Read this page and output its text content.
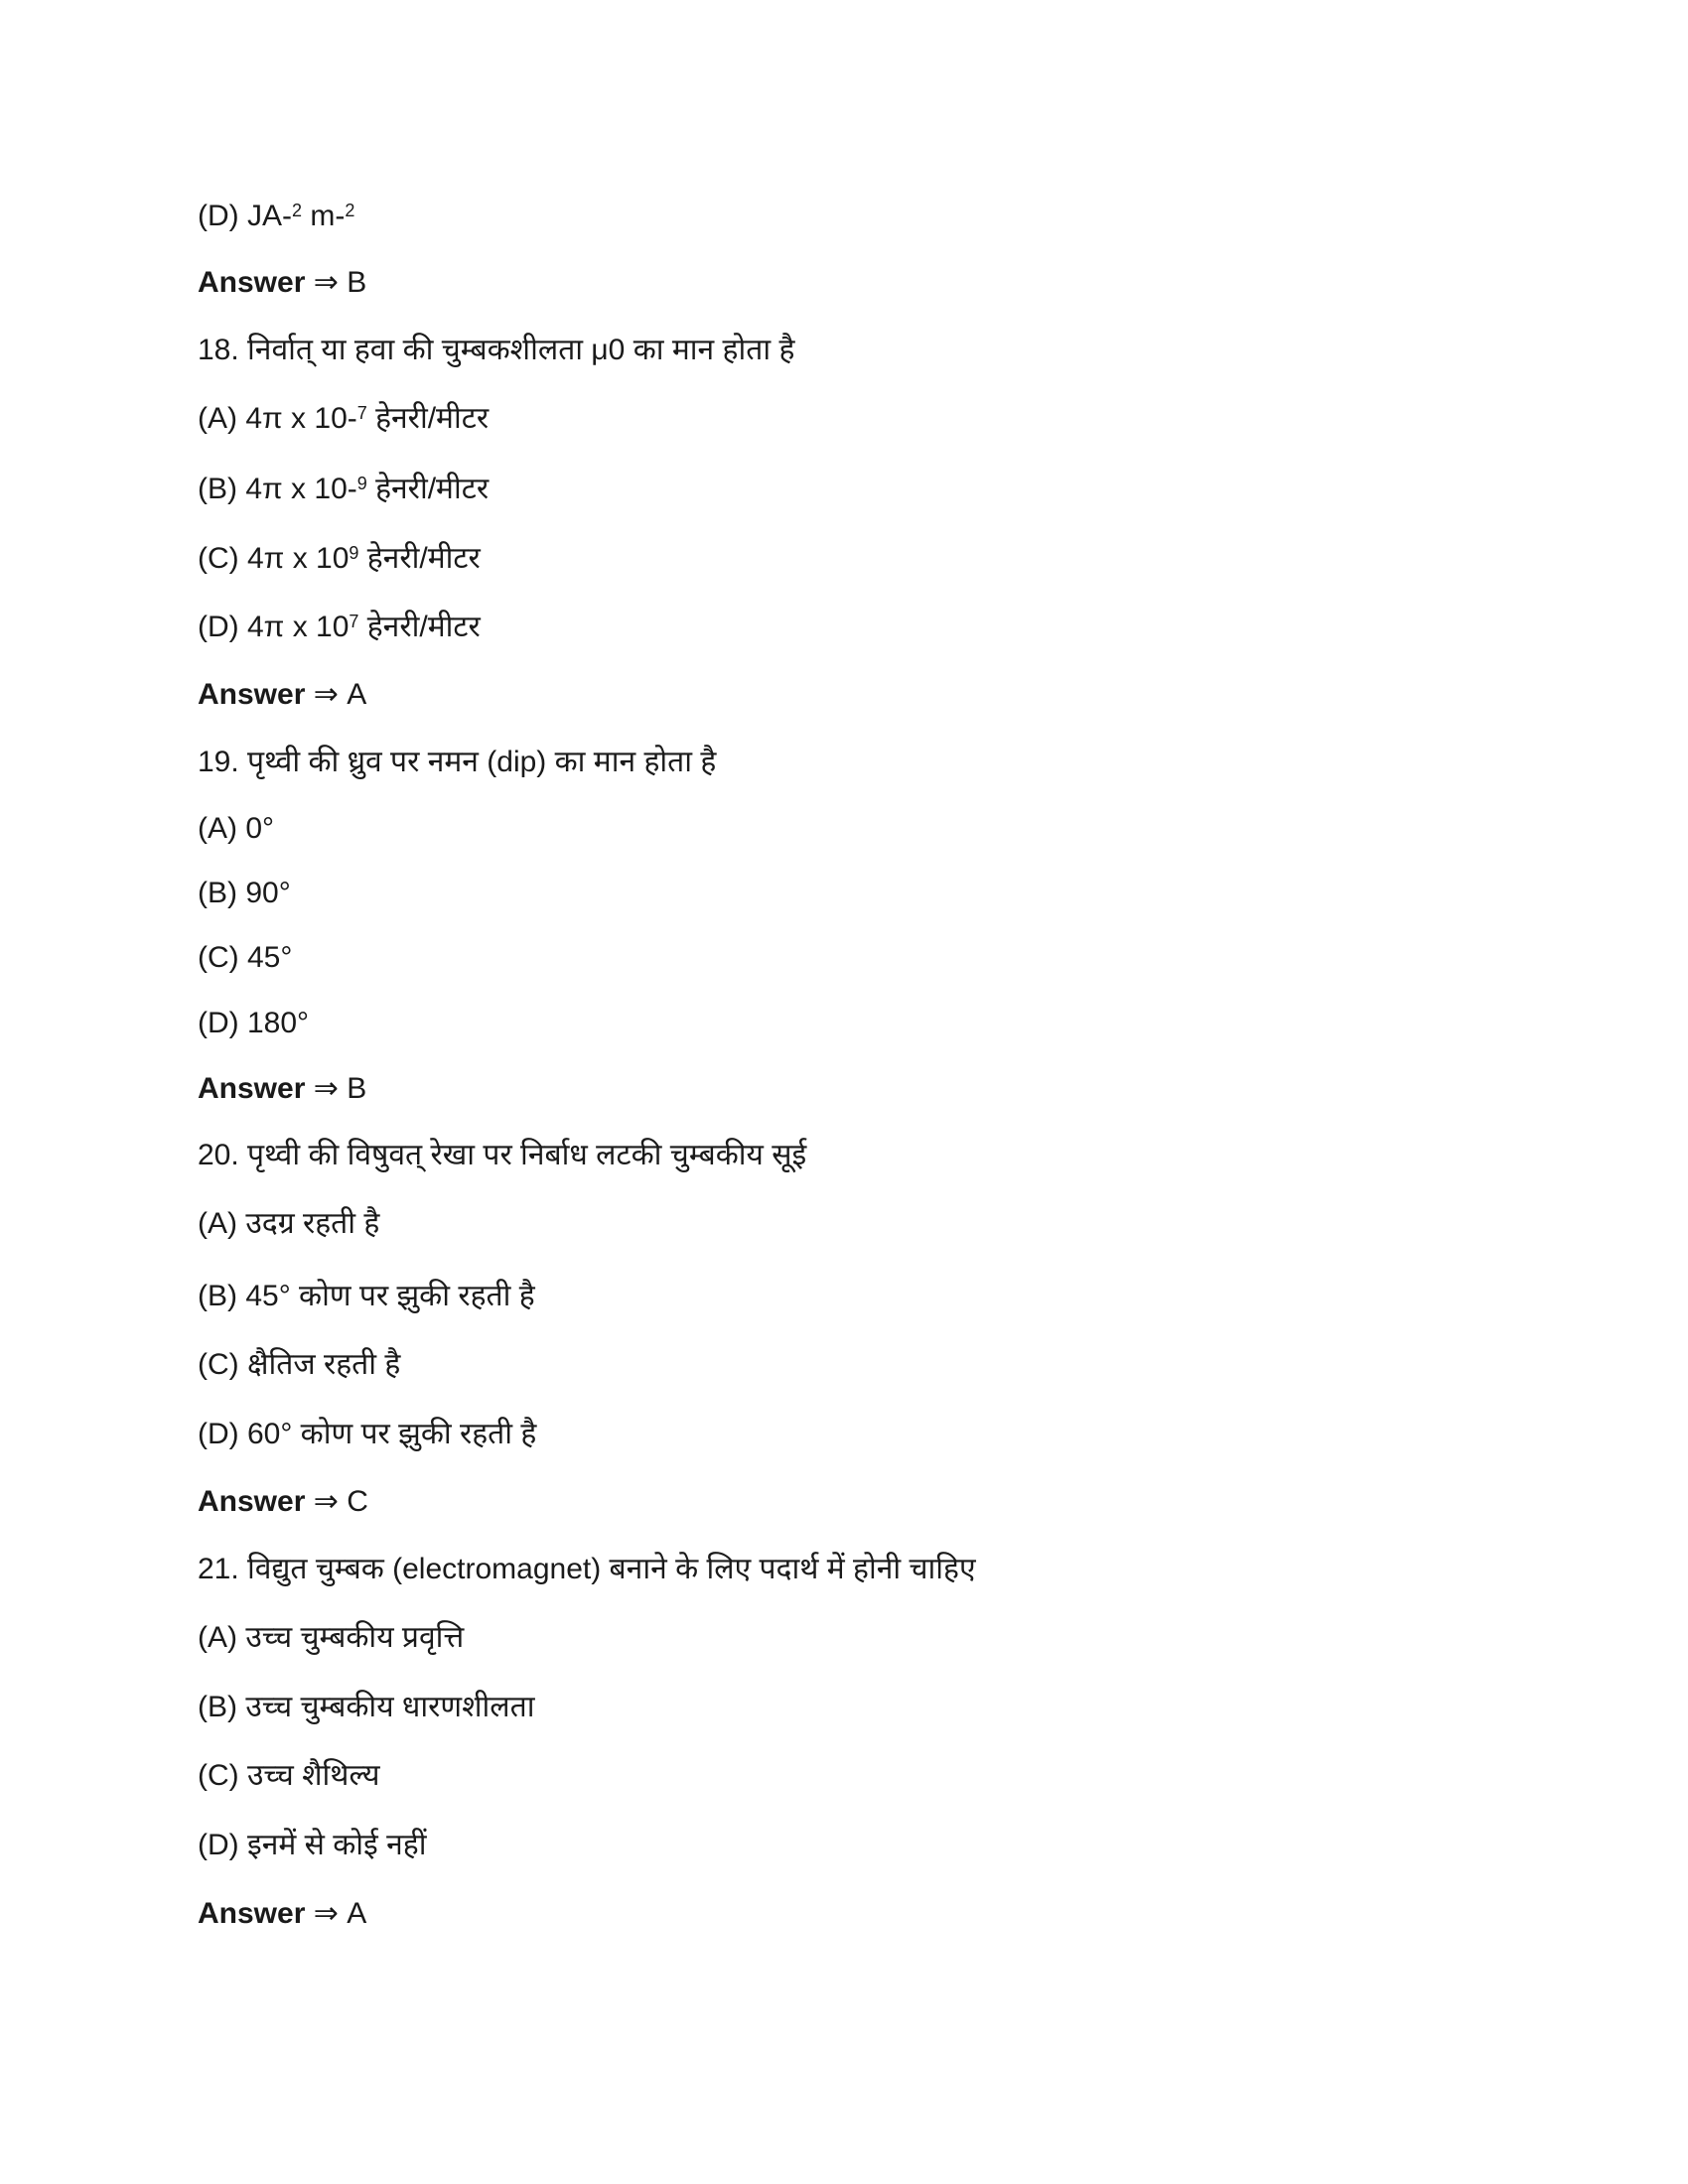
(D) JA-$^2$ m-$^2$
Answer ⇒ B
18. निर्वात् या हवा की चुम्बकशीलता μ0 का मान होता है
(A) 4π x 10-$^7$ हेनरी/मीटर
(B) 4π x 10-$^9$ हेनरी/मीटर
(C) 4π x $10^9$ हेनरी/मीटर
(D) 4π x $10^7$ हेनरी/मीटर
Answer ⇒ A
19. पृथ्वी की ध्रुव पर नमन (dip) का मान होता है
(A) 0°
(B) 90°
(C) 45°
(D) 180°
Answer ⇒ B
20. पृथ्वी की विषुवत् रेखा पर निर्बाध लटकी चुम्बकीय सूई
(A) उदग्र रहती है
(B) 45° कोण पर झुकी रहती है
(C) क्षैतिज रहती है
(D) 60° कोण पर झुकी रहती है
Answer ⇒ C
21. विद्युत चुम्बक (electromagnet) बनाने के लिए पदार्थ में होनी चाहिए
(A) उच्च चुम्बकीय प्रवृत्ति
(B) उच्च चुम्बकीय धारणशीलता
(C) उच्च शैथिल्य
(D) इनमें से कोई नहीं
Answer ⇒ A
